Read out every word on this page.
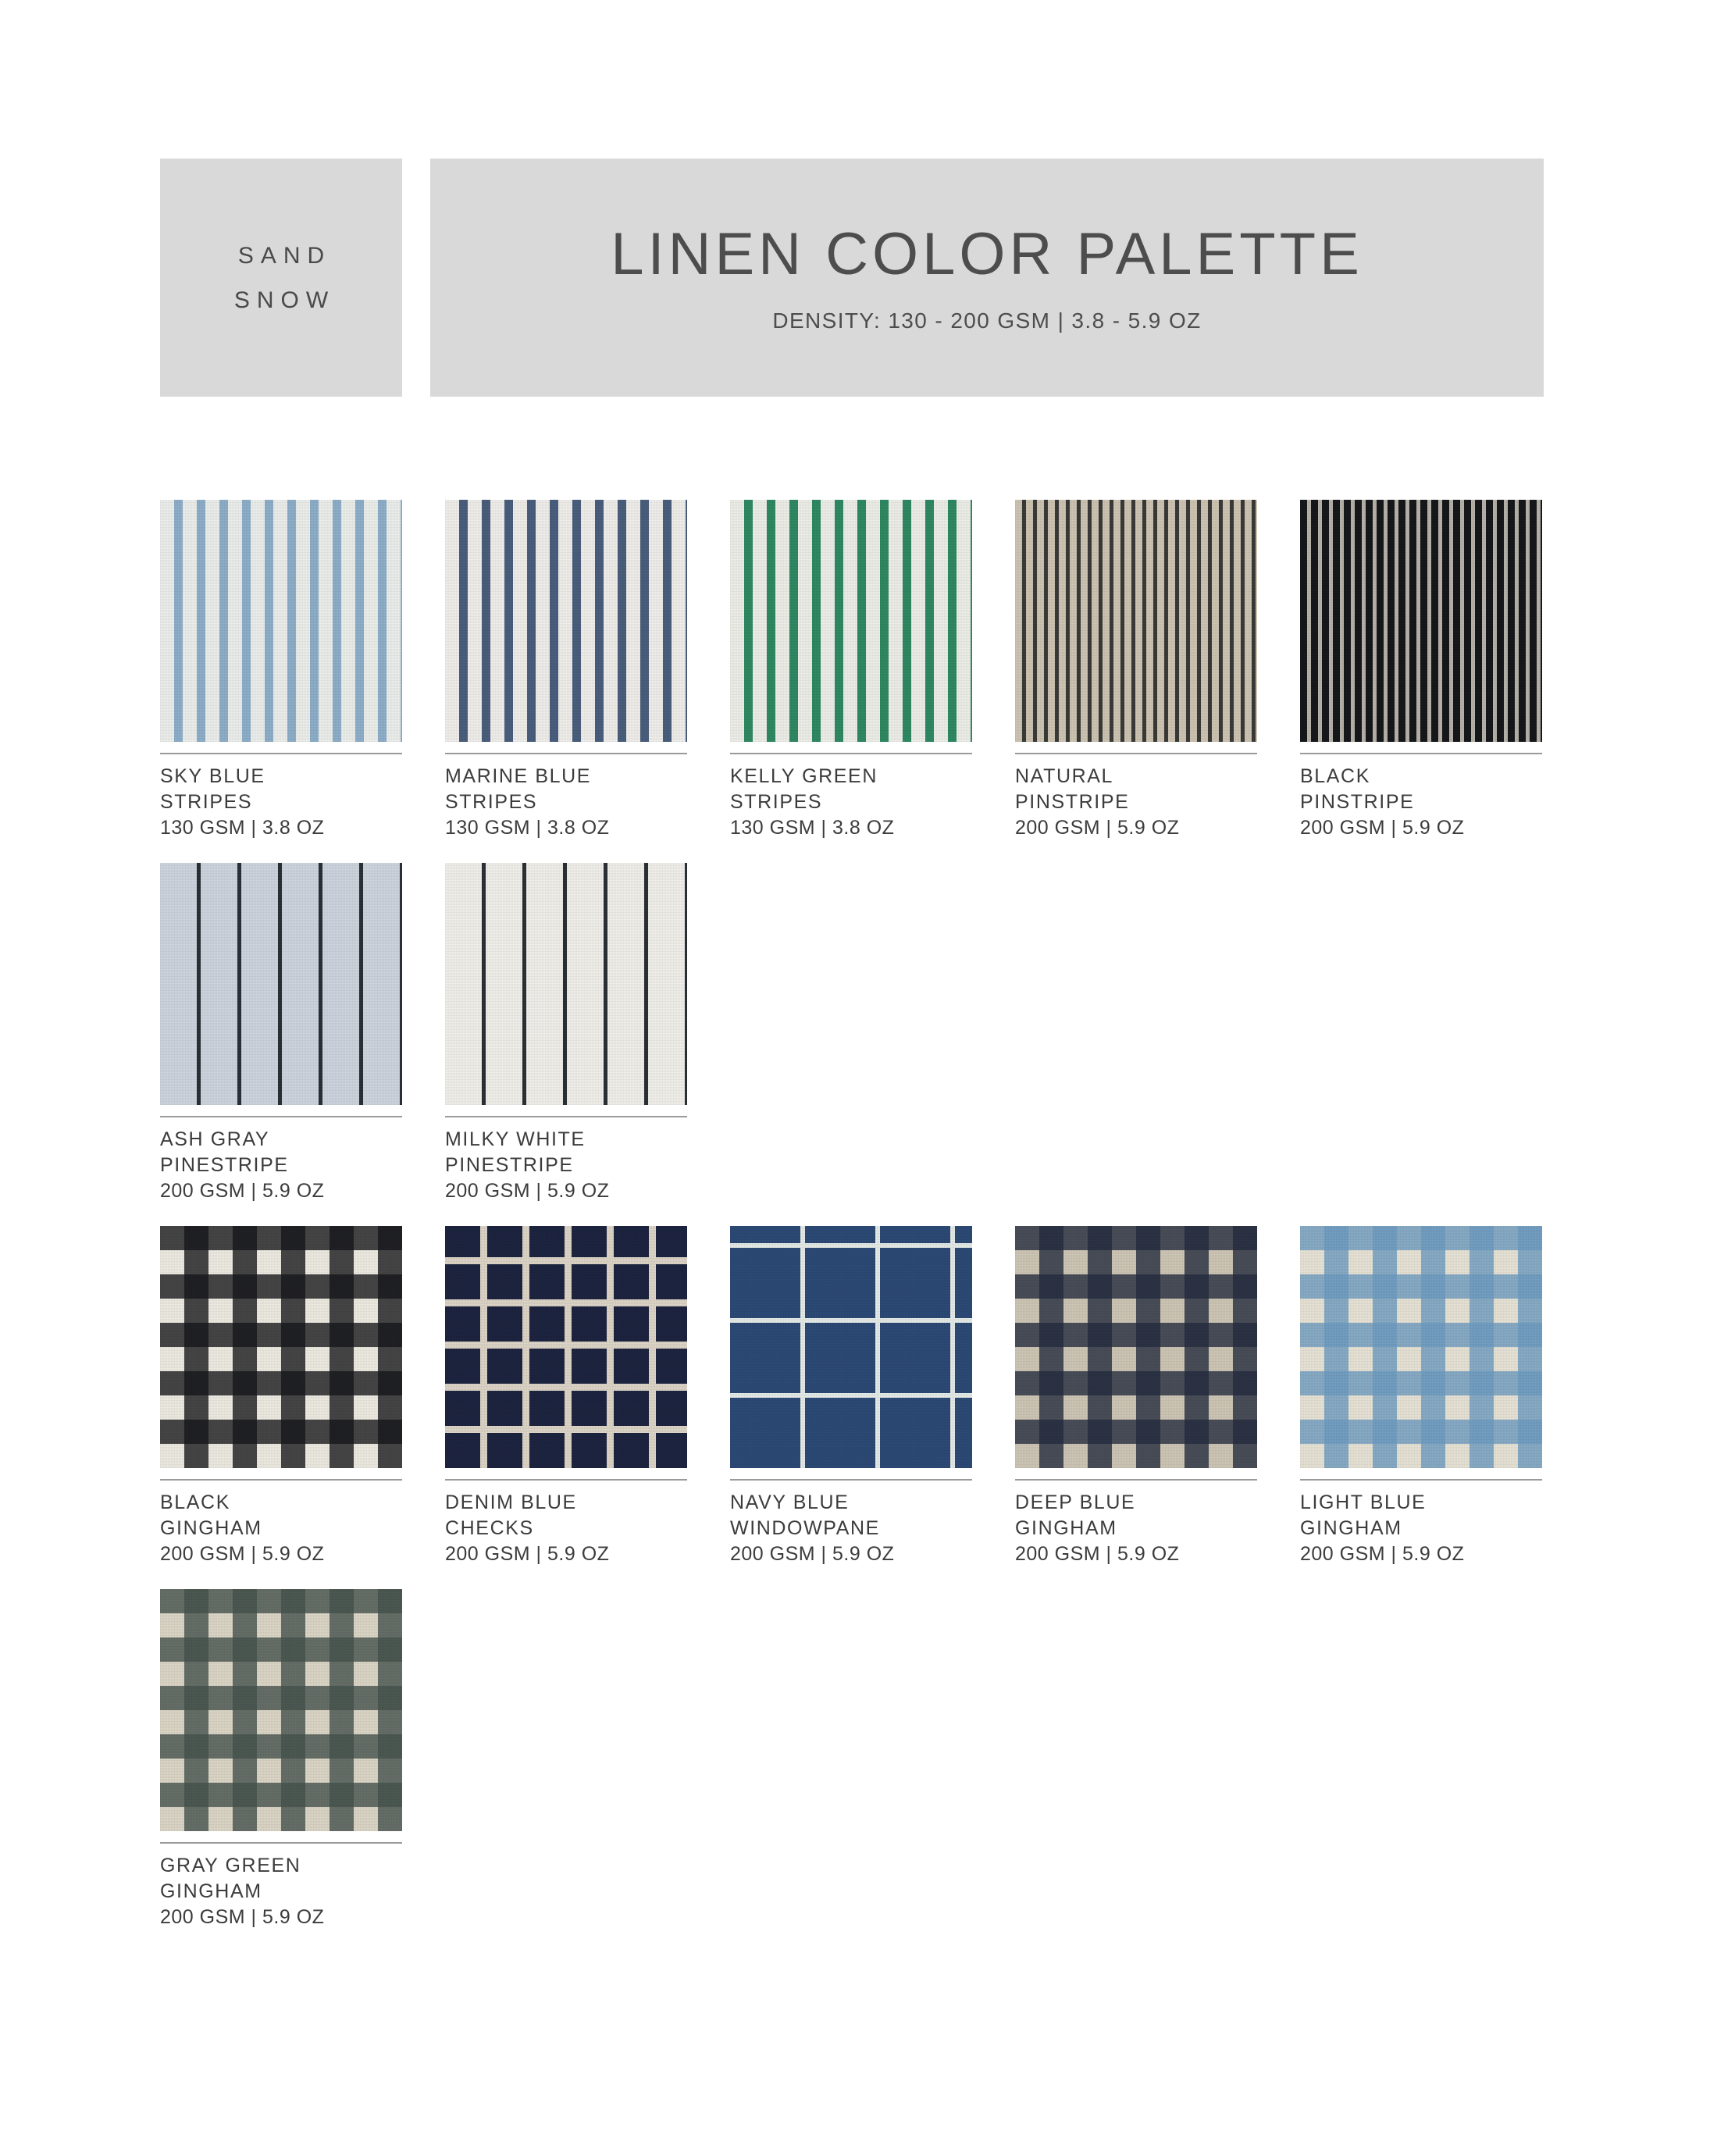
SAND
SNOW
LINEN COLOR PALETTE
DENSITY: 130 - 200 GSM | 3.8 - 5.9 OZ
SKY BLUE
STRIPES
130 GSM | 3.8 OZ
MARINE BLUE
STRIPES
130 GSM | 3.8 OZ
KELLY GREEN
STRIPES
130 GSM | 3.8 OZ
NATURAL
PINSTRIPE
200 GSM | 5.9 OZ
BLACK
PINSTRIPE
200 GSM | 5.9 OZ
ASH GRAY
PINESTRIPE
200 GSM | 5.9 OZ
MILKY WHITE
PINESTRIPE
200 GSM | 5.9 OZ
BLACK
GINGHAM
200 GSM | 5.9 OZ
DENIM BLUE
CHECKS
200 GSM | 5.9 OZ
NAVY BLUE
WINDOWPANE
200 GSM | 5.9 OZ
DEEP BLUE
GINGHAM
200 GSM | 5.9 OZ
LIGHT BLUE
GINGHAM
200 GSM | 5.9 OZ
GRAY GREEN
GINGHAM
200 GSM | 5.9 OZ
